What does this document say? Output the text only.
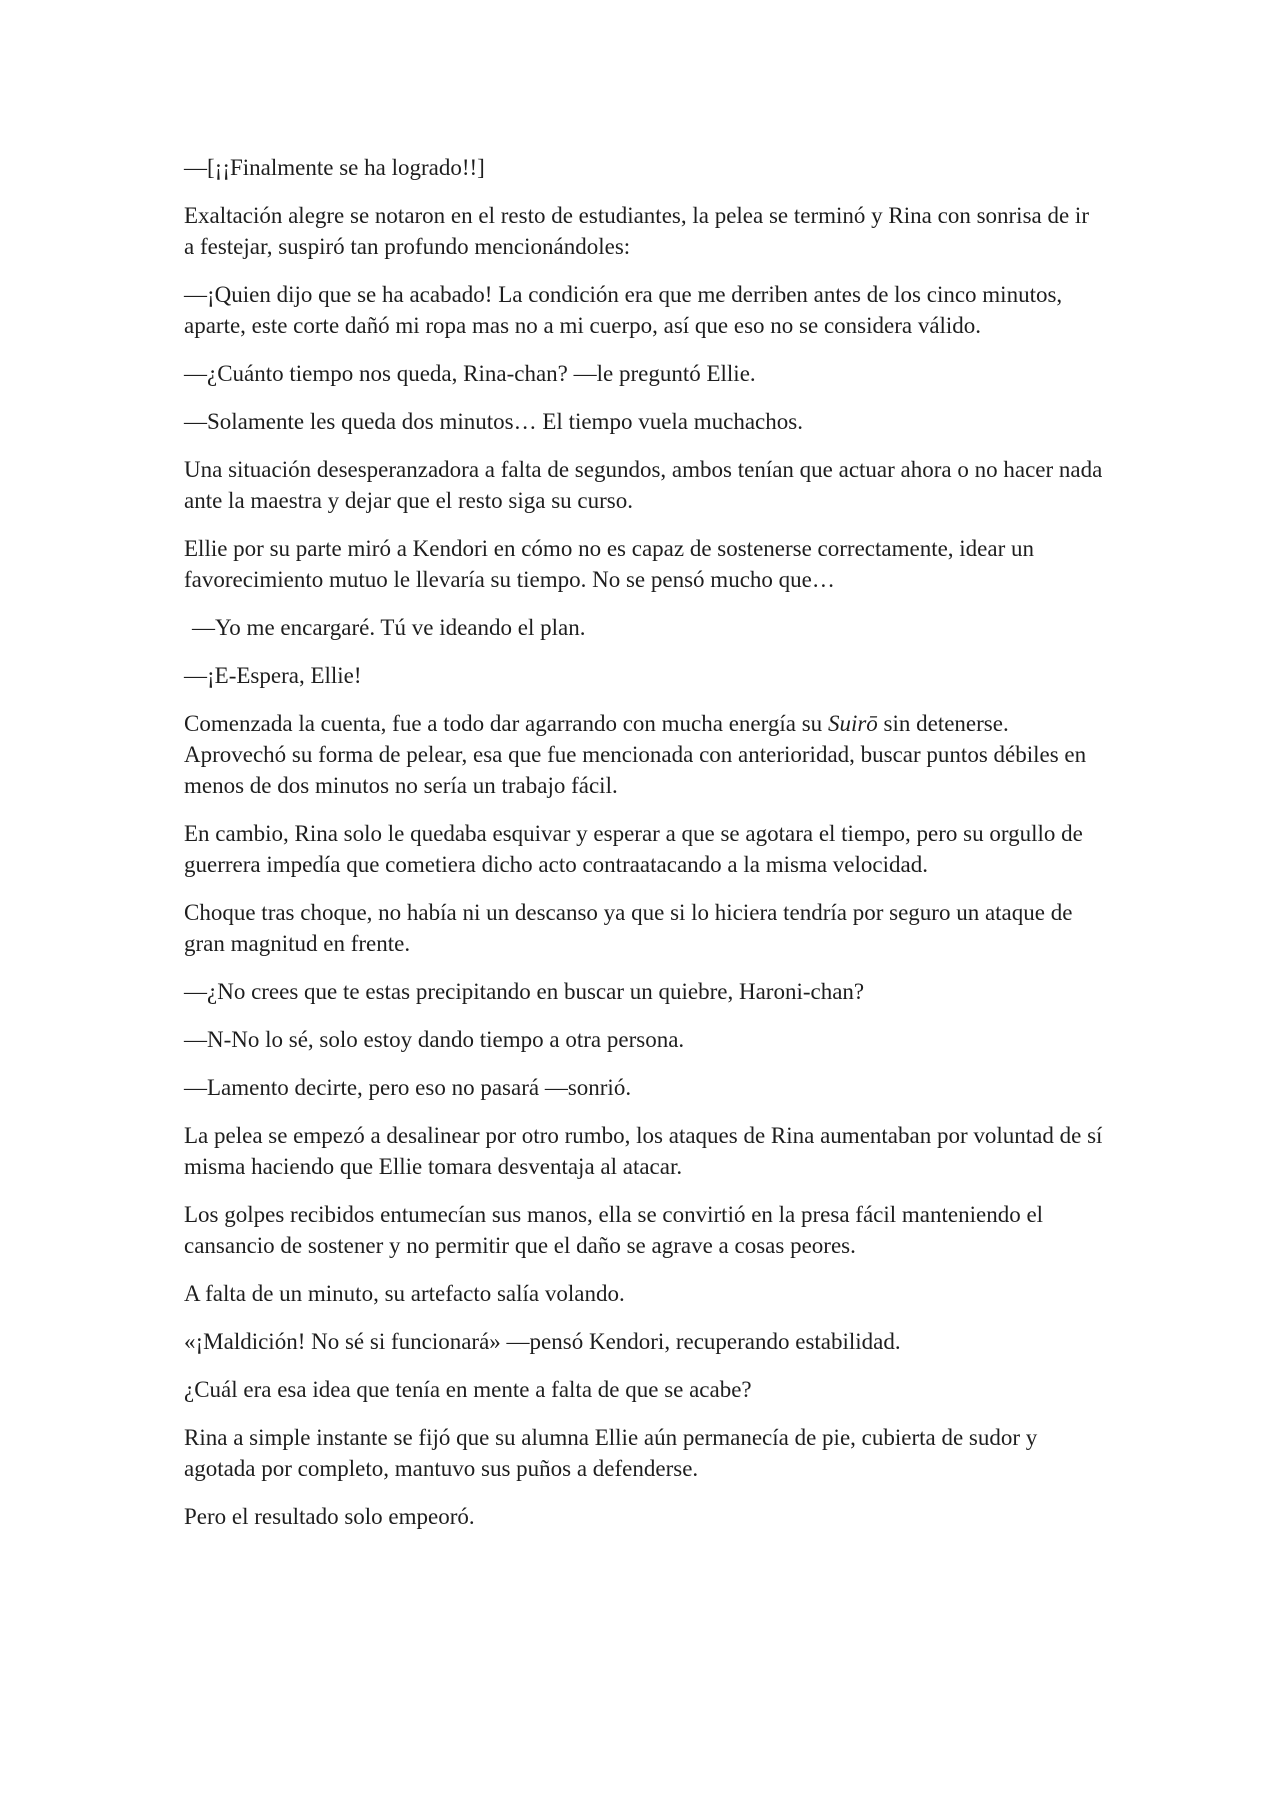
—[¡¡Finalmente se ha logrado!!]

Exaltación alegre se notaron en el resto de estudiantes, la pelea se terminó y Rina con sonrisa de ir a festejar, suspiró tan profundo mencionándoles:

—¡Quien dijo que se ha acabado! La condición era que me derriben antes de los cinco minutos, aparte, este corte dañó mi ropa mas no a mi cuerpo, así que eso no se considera válido.

—¿Cuánto tiempo nos queda, Rina-chan? —le preguntó Ellie.

—Solamente les queda dos minutos… El tiempo vuela muchachos.

Una situación desesperanzadora a falta de segundos, ambos tenían que actuar ahora o no hacer nada ante la maestra y dejar que el resto siga su curso.

Ellie por su parte miró a Kendori en cómo no es capaz de sostenerse correctamente, idear un favorecimiento mutuo le llevaría su tiempo. No se pensó mucho que…

—Yo me encargaré. Tú ve ideando el plan.

—¡E-Espera, Ellie!

Comenzada la cuenta, fue a todo dar agarrando con mucha energía su Suirō sin detenerse. Aprovechó su forma de pelear, esa que fue mencionada con anterioridad, buscar puntos débiles en menos de dos minutos no sería un trabajo fácil.

En cambio, Rina solo le quedaba esquivar y esperar a que se agotara el tiempo, pero su orgullo de guerrera impedía que cometiera dicho acto contraatacando a la misma velocidad.

Choque tras choque, no había ni un descanso ya que si lo hiciera tendría por seguro un ataque de gran magnitud en frente.

—¿No crees que te estas precipitando en buscar un quiebre, Haroni-chan?

—N-No lo sé, solo estoy dando tiempo a otra persona.

—Lamento decirte, pero eso no pasará —sonrió.

La pelea se empezó a desalinear por otro rumbo, los ataques de Rina aumentaban por voluntad de sí misma haciendo que Ellie tomara desventaja al atacar.

Los golpes recibidos entumecían sus manos, ella se convirtió en la presa fácil manteniendo el cansancio de sostener y no permitir que el daño se agrave a cosas peores.

A falta de un minuto, su artefacto salía volando.

«¡Maldición! No sé si funcionará» —pensó Kendori, recuperando estabilidad.

¿Cuál era esa idea que tenía en mente a falta de que se acabe?

Rina a simple instante se fijó que su alumna Ellie aún permanecía de pie, cubierta de sudor y agotada por completo, mantuvo sus puños a defenderse.

Pero el resultado solo empeoró.
